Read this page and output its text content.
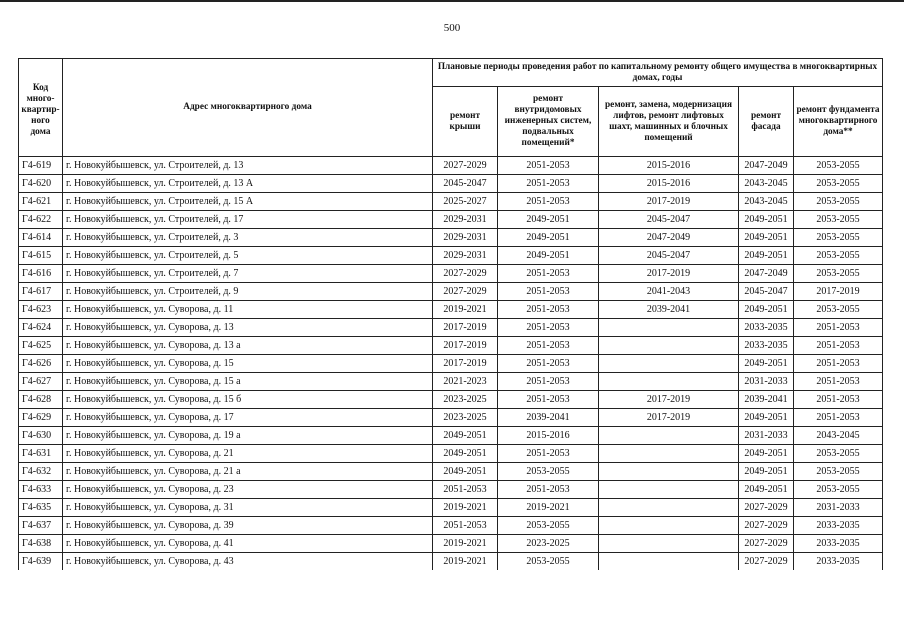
500
Код много-квартир-ного дома	Адрес многоквартирного дома	Плановые периоды проведения работ по капитальному ремонту общего имущества в многоквартирных домах, годы				
		ремонт крыши	ремонт внутридомовых инженерных систем, подвальных помещений*	ремонт, замена, модернизация лифтов, ремонт лифтовых шахт, машинных и блочных помещений	ремонт фасада	ремонт фундамента многоквартирного дома**
Г4-619	г. Новокуйбышевск, ул. Строителей, д. 13	2027-2029	2051-2053	2015-2016	2047-2049	2053-2055
Г4-620	г. Новокуйбышевск, ул. Строителей, д. 13 А	2045-2047	2051-2053	2015-2016	2043-2045	2053-2055
Г4-621	г. Новокуйбышевск, ул. Строителей, д. 15 А	2025-2027	2051-2053	2017-2019	2043-2045	2053-2055
Г4-622	г. Новокуйбышевск, ул. Строителей, д. 17	2029-2031	2049-2051	2045-2047	2049-2051	2053-2055
Г4-614	г. Новокуйбышевск, ул. Строителей, д. 3	2029-2031	2049-2051	2047-2049	2049-2051	2053-2055
Г4-615	г. Новокуйбышевск, ул. Строителей, д. 5	2029-2031	2049-2051	2045-2047	2049-2051	2053-2055
Г4-616	г. Новокуйбышевск, ул. Строителей, д. 7	2027-2029	2051-2053	2017-2019	2047-2049	2053-2055
Г4-617	г. Новокуйбышевск, ул. Строителей, д. 9	2027-2029	2051-2053	2041-2043	2045-2047	2017-2019
Г4-623	г. Новокуйбышевск, ул. Суворова, д. 11	2019-2021	2051-2053	2039-2041	2049-2051	2053-2055
Г4-624	г. Новокуйбышевск, ул. Суворова, д. 13	2017-2019	2051-2053		2033-2035	2051-2053
Г4-625	г. Новокуйбышевск, ул. Суворова, д. 13 а	2017-2019	2051-2053		2033-2035	2051-2053
Г4-626	г. Новокуйбышевск, ул. Суворова, д. 15	2017-2019	2051-2053		2049-2051	2051-2053
Г4-627	г. Новокуйбышевск, ул. Суворова, д. 15 а	2021-2023	2051-2053		2031-2033	2051-2053
Г4-628	г. Новокуйбышевск, ул. Суворова, д. 15 б	2023-2025	2051-2053	2017-2019	2039-2041	2051-2053
Г4-629	г. Новокуйбышевск, ул. Суворова, д. 17	2023-2025	2039-2041	2017-2019	2049-2051	2051-2053
Г4-630	г. Новокуйбышевск, ул. Суворова, д. 19 а	2049-2051	2015-2016		2031-2033	2043-2045
Г4-631	г. Новокуйбышевск, ул. Суворова, д. 21	2049-2051	2051-2053		2049-2051	2053-2055
Г4-632	г. Новокуйбышевск, ул. Суворова, д. 21 а	2049-2051	2053-2055		2049-2051	2053-2055
Г4-633	г. Новокуйбышевск, ул. Суворова, д. 23	2051-2053	2051-2053		2049-2051	2053-2055
Г4-635	г. Новокуйбышевск, ул. Суворова, д. 31	2019-2021	2019-2021		2027-2029	2031-2033
Г4-637	г. Новокуйбышевск, ул. Суворова, д. 39	2051-2053	2053-2055		2027-2029	2033-2035
Г4-638	г. Новокуйбышевск, ул. Суворова, д. 41	2019-2021	2023-2025		2027-2029	2033-2035
Г4-639	г. Новокуйбышевск, ул. Суворова, д. 43	2019-2021	2053-2055		2027-2029	2033-2035
